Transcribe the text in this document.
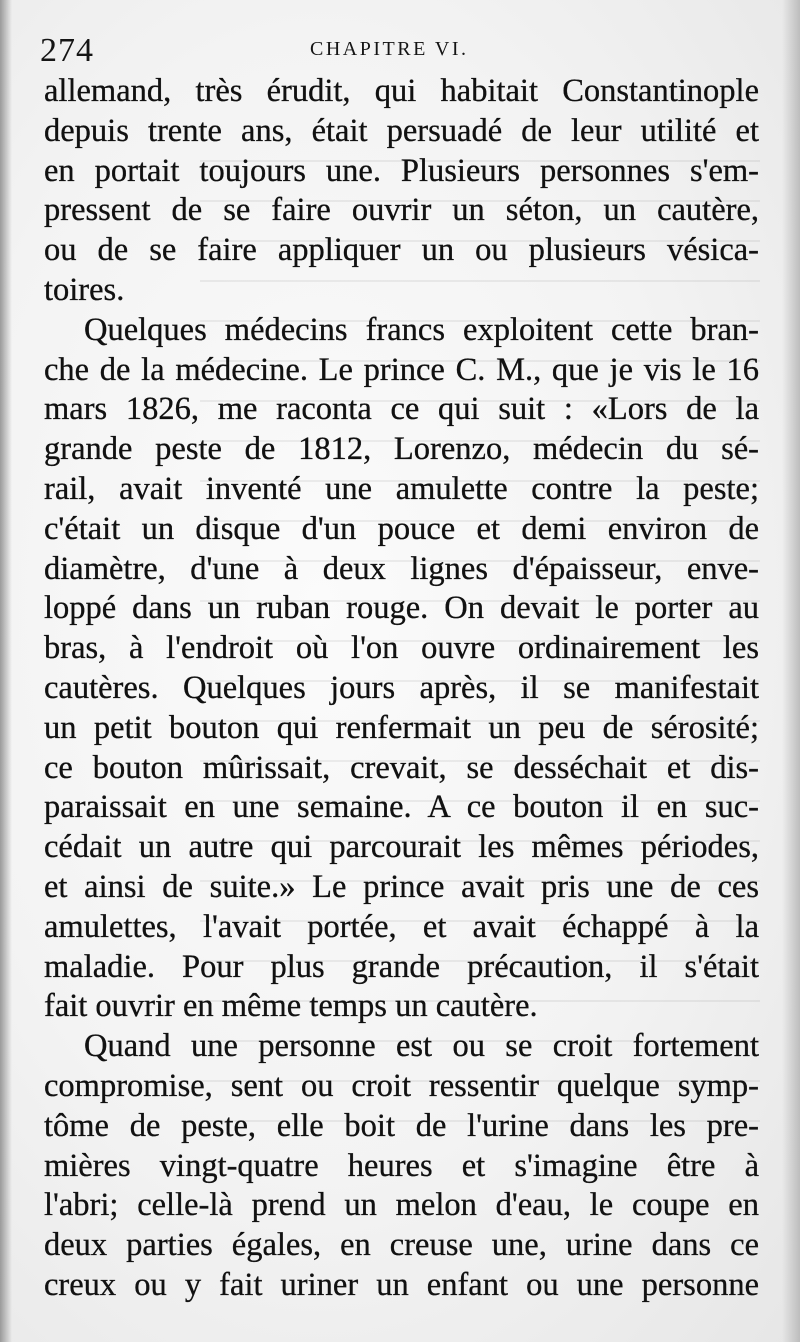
274	CHAPITRE VI.
allemand, très érudit, qui habitait Constantinople
depuis trente ans, était persuadé de leur utilité et
en portait toujours une. Plusieurs personnes s'em-
pressent de se faire ouvrir un séton, un cautère,
ou de se faire appliquer un ou plusieurs vésica-
toires.
Quelques médecins francs exploitent cette bran-
che de la médecine. Le prince C. M., que je vis le 16
mars 1826, me raconta ce qui suit : «Lors de la
grande peste de 1812, Lorenzo, médecin du sé-
rail, avait inventé une amulette contre la peste;
c'était un disque d'un pouce et demi environ de
diamètre, d'une à deux lignes d'épaisseur, enve-
loppé dans un ruban rouge. On devait le porter au
bras, à l'endroit où l'on ouvre ordinairement les
cautères. Quelques jours après, il se manifestait
un petit bouton qui renfermait un peu de sérosité;
ce bouton mûrissait, crevait, se desséchait et dis-
paraissait en une semaine. A ce bouton il en suc-
cédait un autre qui parcourait les mêmes périodes,
et ainsi de suite.» Le prince avait pris une de ces
amulettes, l'avait portée, et avait échappé à la
maladie. Pour plus grande précaution, il s'était
fait ouvrir en même temps un cautère.
Quand une personne est ou se croit fortement
compromise, sent ou croit ressentir quelque symp-
tôme de peste, elle boit de l'urine dans les pre-
mières vingt-quatre heures et s'imagine être à
l'abri; celle-là prend un melon d'eau, le coupe en
deux parties égales, en creuse une, urine dans ce
creux ou y fait uriner un enfant ou une personne
